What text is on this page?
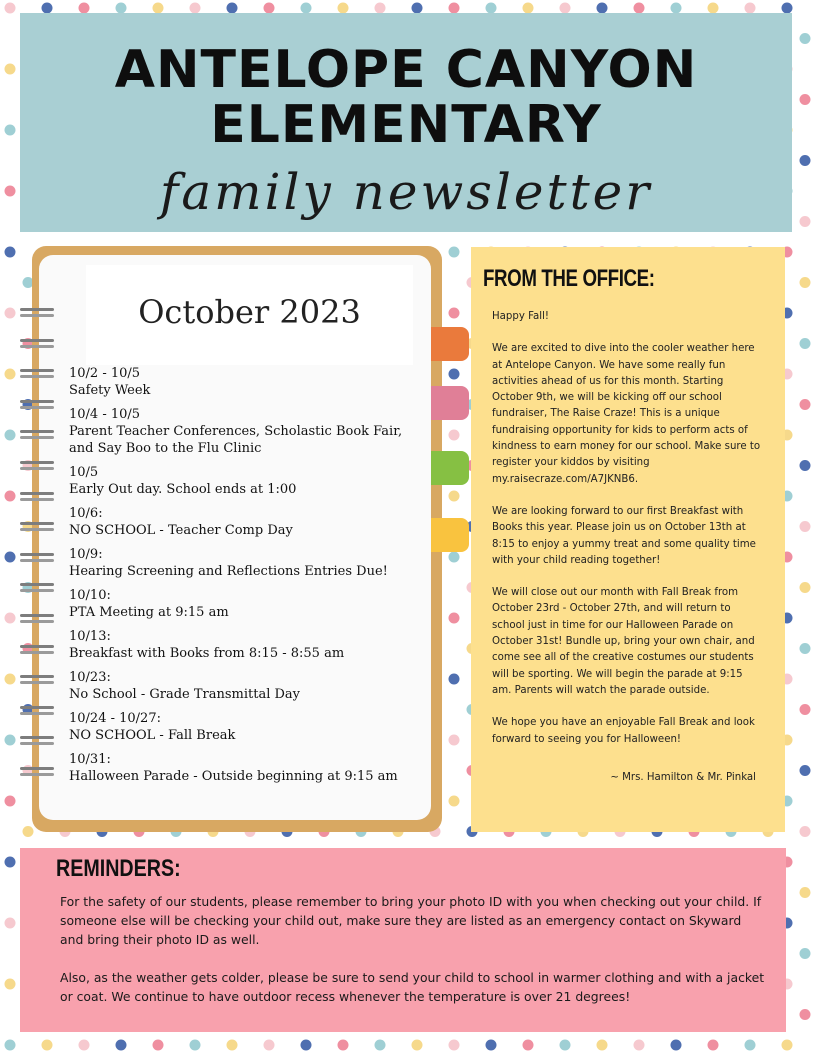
ANTELOPE CANYON ELEMENTARY
family newsletter
October 2023
10/2 - 10/5
Safety Week
10/4 - 10/5
Parent Teacher Conferences, Scholastic Book Fair, and Say Boo to the Flu Clinic
10/5
Early Out day. School ends at 1:00
10/6:
NO SCHOOL - Teacher Comp Day
10/9:
Hearing Screening and Reflections Entries Due!
10/10:
PTA Meeting at 9:15 am
10/13:
Breakfast with Books from 8:15 - 8:55 am
10/23:
No School - Grade Transmittal Day
10/24 - 10/27:
NO SCHOOL - Fall Break
10/31:
Halloween Parade - Outside beginning at 9:15 am
FROM THE OFFICE:

Happy Fall!

We are excited to dive into the cooler weather here at Antelope Canyon. We have some really fun activities ahead of us for this month. Starting October 9th, we will be kicking off our school fundraiser, The Raise Craze! This is a unique fundraising opportunity for kids to perform acts of kindness to earn money for our school. Make sure to register your kiddos by visiting my.raisecraze.com/A7JKNB6.

We are looking forward to our first Breakfast with Books this year. Please join us on October 13th at 8:15 to enjoy a yummy treat and some quality time with your child reading together!

We will close out our month with Fall Break from October 23rd - October 27th, and will return to school just in time for our Halloween Parade on October 31st! Bundle up, bring your own chair, and come see all of the creative costumes our students will be sporting. We will begin the parade at 9:15 am. Parents will watch the parade outside.

We hope you have an enjoyable Fall Break and look forward to seeing you for Halloween!

~ Mrs. Hamilton & Mr. Pinkal
REMINDERS:

For the safety of our students, please remember to bring your photo ID with you when checking out your child. If someone else will be checking your child out, make sure they are listed as an emergency contact on Skyward and bring their photo ID as well.

Also, as the weather gets colder, please be sure to send your child to school in warmer clothing and with a jacket or coat. We continue to have outdoor recess whenever the temperature is over 21 degrees!
